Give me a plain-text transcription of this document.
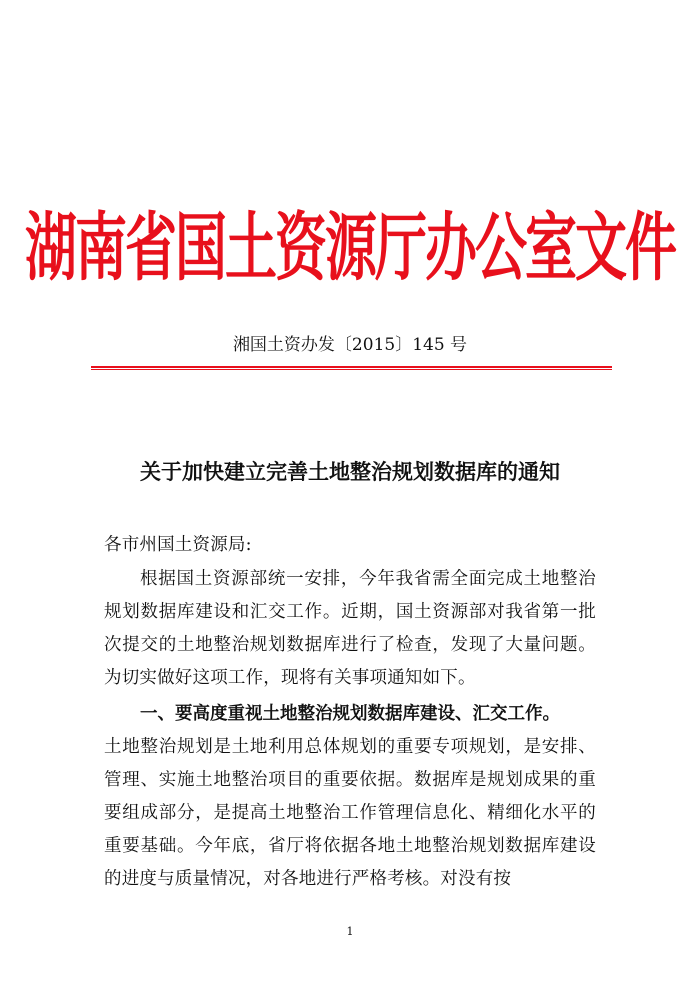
湖南省国土资源厅办公室文件
湘国土资办发〔2015〕145 号
关于加快建立完善土地整治规划数据库的通知
各市州国土资源局:
根据国土资源部统一安排，今年我省需全面完成土地整治规划数据库建设和汇交工作。近期，国土资源部对我省第一批次提交的土地整治规划数据库进行了检查，发现了大量问题。为切实做好这项工作，现将有关事项通知如下。
一、要高度重视土地整治规划数据库建设、汇交工作。
土地整治规划是土地利用总体规划的重要专项规划，是安排、管理、实施土地整治项目的重要依据。数据库是规划成果的重要组成部分，是提高土地整治工作管理信息化、精细化水平的重要基础。今年底，省厅将依据各地土地整治规划数据库建设的进度与质量情况，对各地进行严格考核。对没有按
1
